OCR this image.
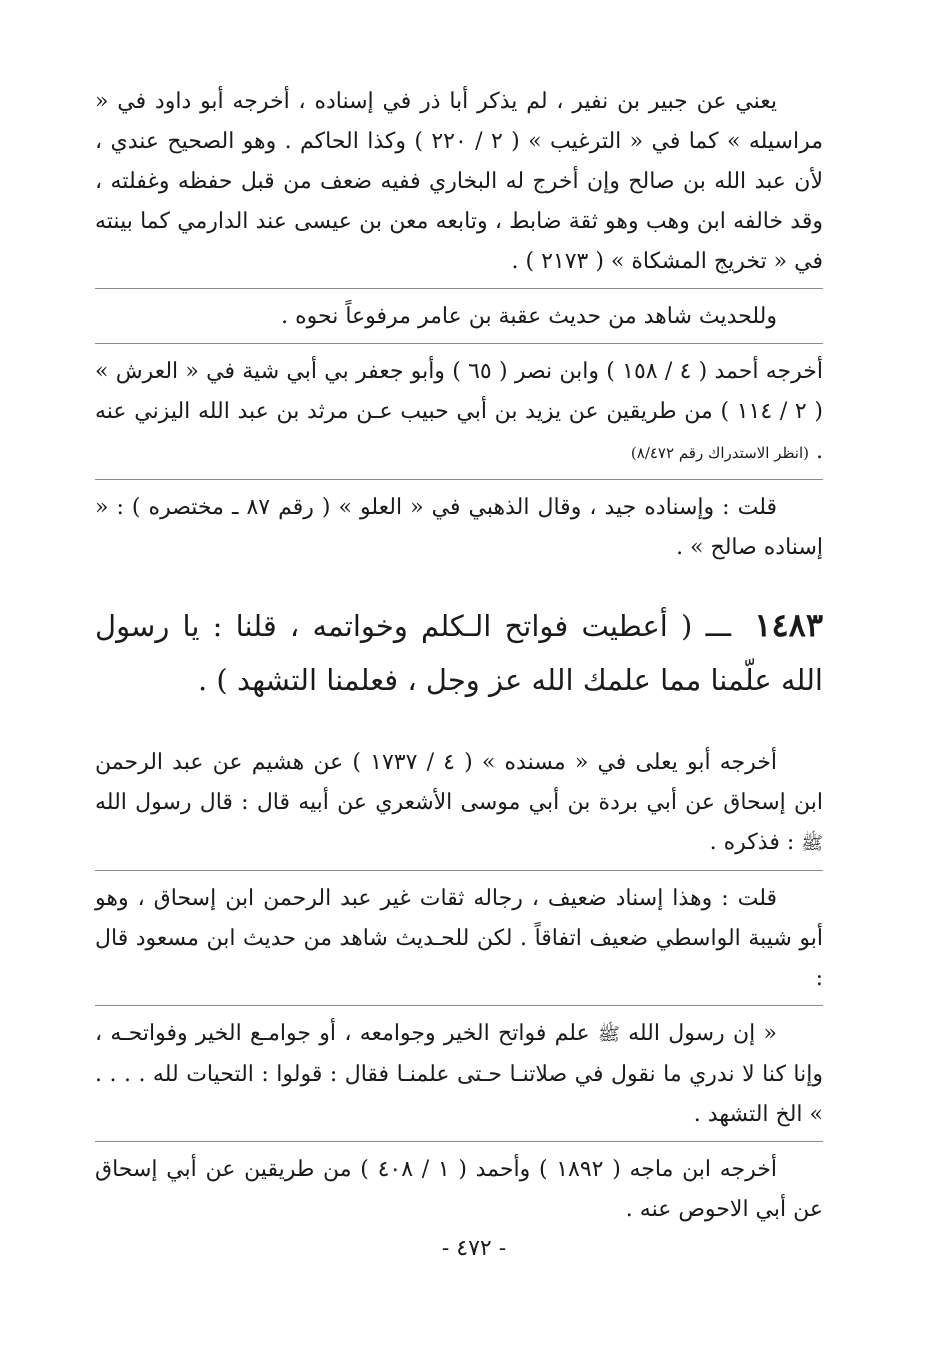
يعني عن جبير بن نفير ، لم يذكر أبا ذر في إسناده ، أخرجه أبو داود في « مراسيله » كما في « الترغيب » ( ٢ / ٢٢٠ ) وكذا الحاكم . وهو الصحيح عندي ، لأن عبد الله بن صالح وإن أخرج له البخاري ففيه ضعف من قبل حفظه وغفلته ، وقد خالفه ابن وهب وهو ثقة ضابط ، وتابعه معن بن عيسى عند الدارمي كما بينته في « تخريج المشكاة » ( ٢١٧٣ ) .

وللحديث شاهد من حديث عقبة بن عامر مرفوعاً نحوه .

أخرجه أحمد ( ٤ / ١٥٨ ) وابن نصر ( ٦٥ ) وأبو جعفر بي أبي شية في « العرش » ( ٢ / ١١٤ ) من طريقين عن يزيد بن أبي حبيب عـن مرثد بن عبد الله اليزني عنه . (انظر الاستدراك رقم ٨/٤٧٢)

قلت : وإسناده جيد ، وقال الذهبي في « العلو » ( رقم ٨٧ ـ مختصره ) : « إسناده صالح » .

١٤٨٣ ـــ ( أعطيت فواتح الـكلم وخواتمه ، قلنا : يا رسول الله علّمنا مما علمك الله عز وجل ، فعلمنا التشهد ) .

أخرجه أبو يعلى في « مسنده » ( ٤ / ١٧٣٧ ) عن هشيم عن عبد الرحمن ابن إسحاق عن أبي بردة بن أبي موسى الأشعري عن أبيه قال : قال رسول الله ﷺ : فذكره .

قلت : وهذا إسناد ضعيف ، رجاله ثقات غير عبد الرحمن ابن إسحاق ، وهو أبو شيبة الواسطي ضعيف اتفاقاً . لكن للحـديث شاهد من حديث ابن مسعود قال :

« إن رسول الله ﷺ علم فواتح الخير وجوامعه ، أو جوامـع الخير وفواتحـه ، وإنا كنا لا ندري ما نقول في صلاتنـا حـتى علمنـا فقال : قولوا : التحيات لله . . . . » الخ التشهد .

أخرجه ابن ماجه ( ١٨٩٢ ) وأحمد ( ١ / ٤٠٨ ) من طريقين عن أبي إسحاق عن أبي الاحوص عنه .

- ٤٧٢ -
